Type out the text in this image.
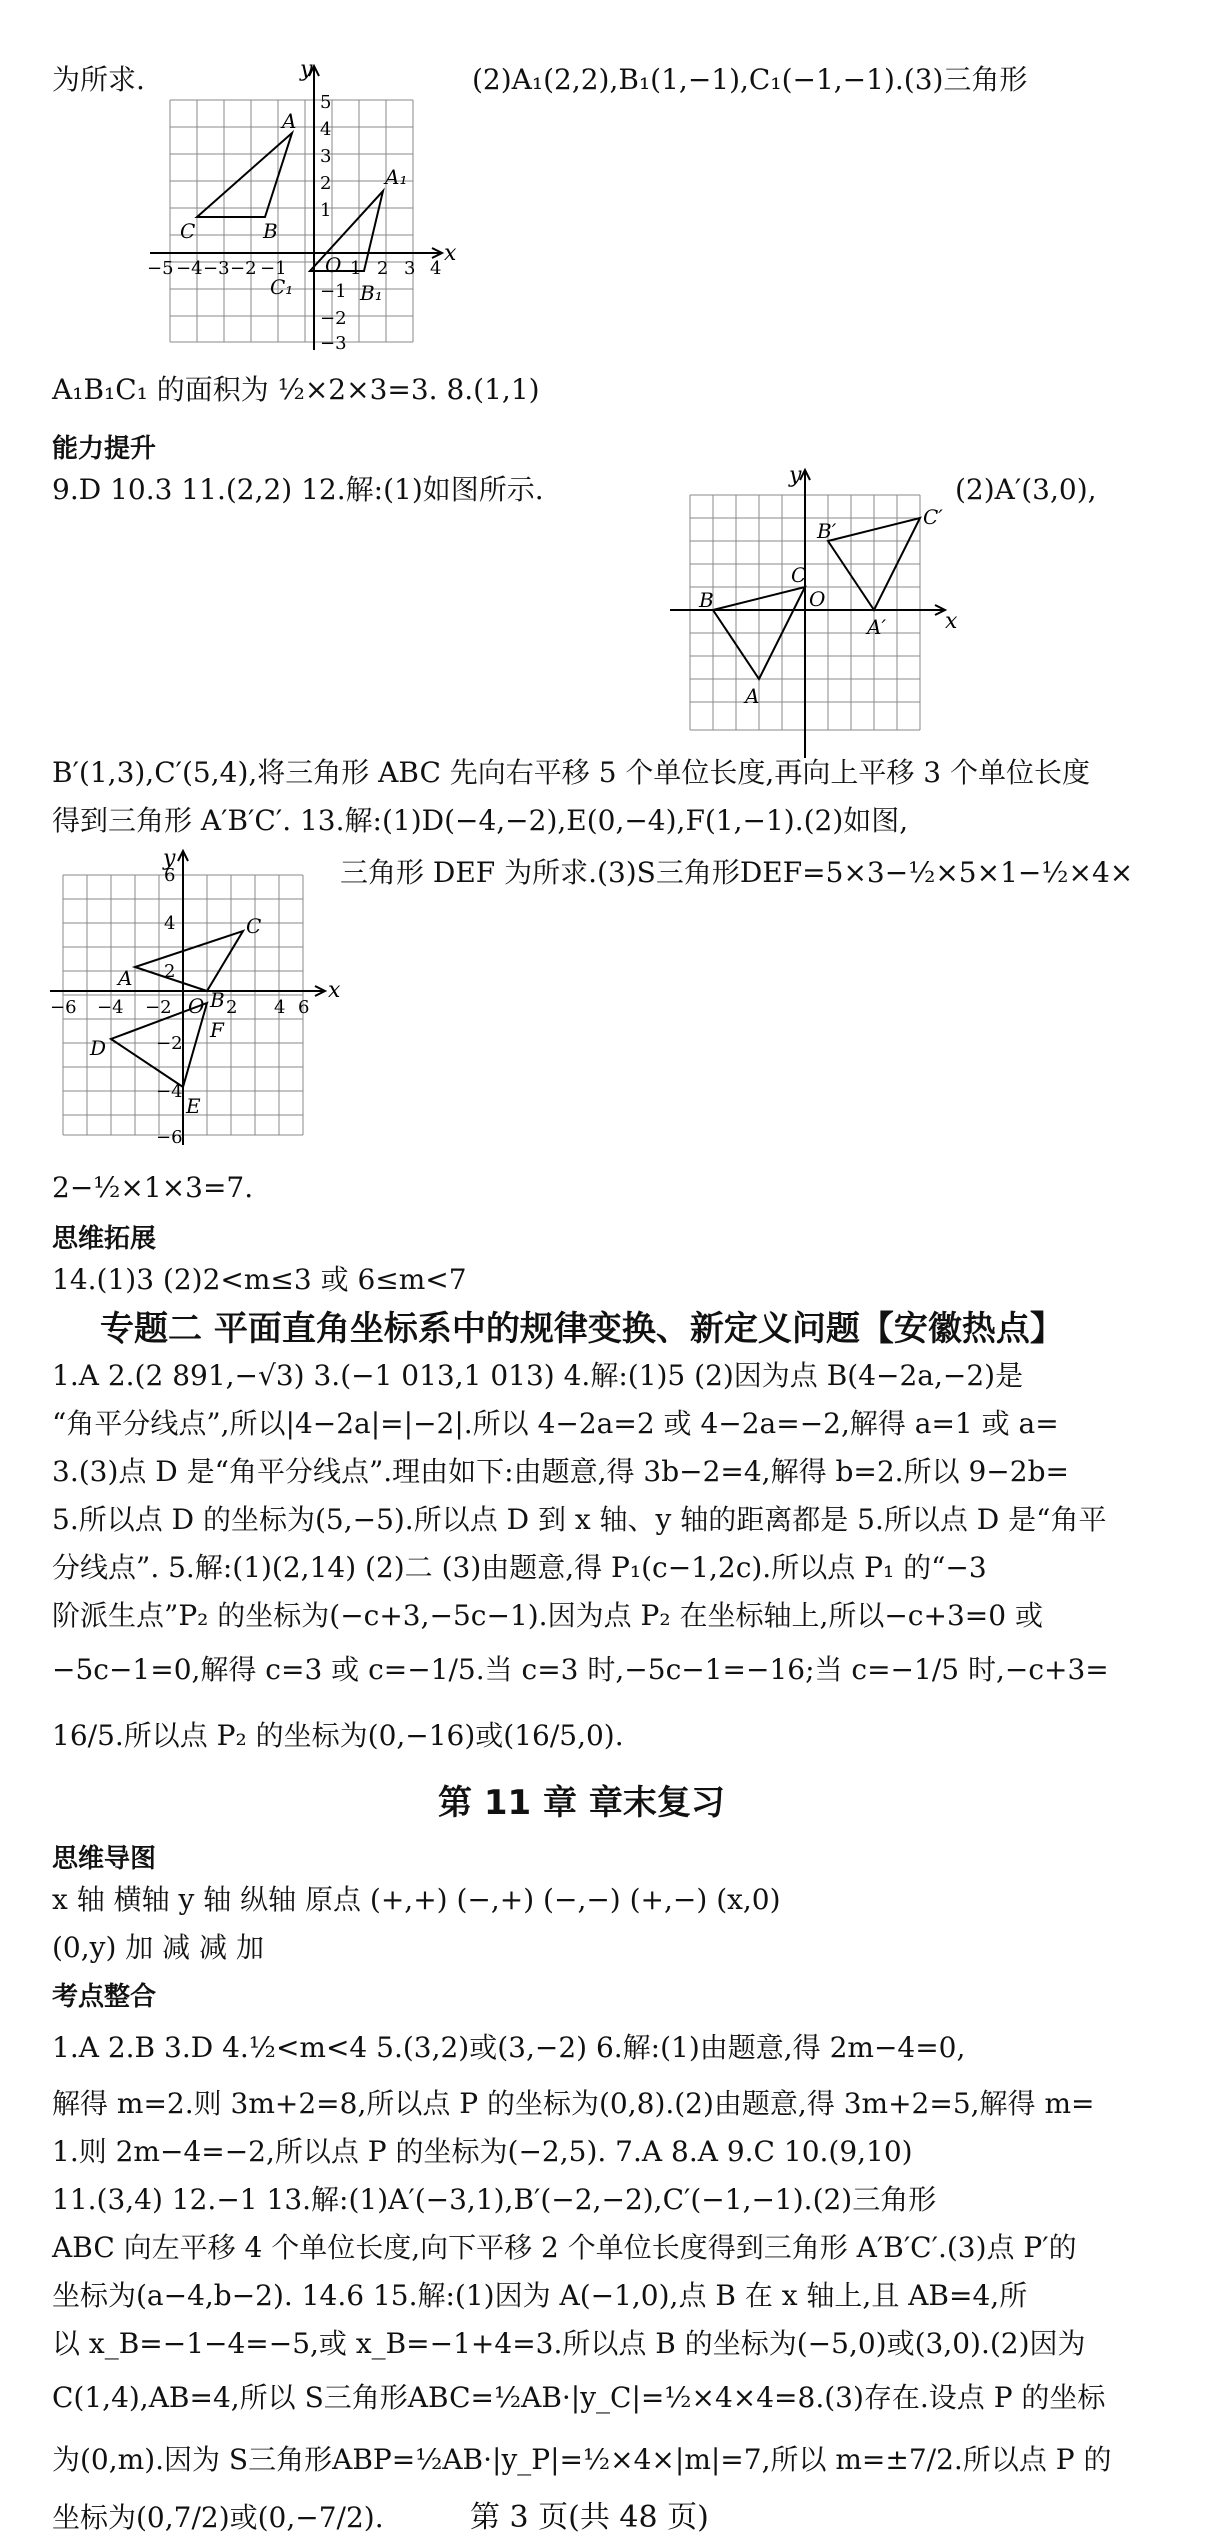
为所求.	(2)A₁(2,2),B₁(1,−1),C₁(−1,−1).(3)三角形
y
x
O
−5 −4 −3 −2 −1	1 2 3 4
5
4
3
2
1
−1
−2
−3
A
B
C
A₁
B₁
C₁
A₁B₁C₁ 的面积为 ½×2×3=3. 8.(1,1)
能力提升
9.D 10.3 11.(2,2) 12.解:(1)如图所示.	(2)A′(3,0),
y
x
O
A
B
C
A′
B′
C′
B′(1,3),C′(5,4),将三角形 ABC 先向右平移 5 个单位长度,再向上平移 3 个单位长度
得到三角形 A′B′C′. 13.解:(1)D(−4,−2),E(0,−4),F(1,−1).(2)如图,
y
x
O
−6 −4 −2	2 4 6
6
4
2
−2
−4
−6
A
B
C
D
E
F
三角形 DEF 为所求.(3)S三角形DEF=5×3−½×5×1−½×4×
2−½×1×3=7.
思维拓展
14.(1)3 (2)2<m≤3 或 6≤m<7
专题二 平面直角坐标系中的规律变换、新定义问题【安徽热点】
1.A 2.(2 891,−√3) 3.(−1 013,1 013) 4.解:(1)5 (2)因为点 B(4−2a,−2)是
“角平分线点”,所以|4−2a|=|−2|.所以 4−2a=2 或 4−2a=−2,解得 a=1 或 a=
3.(3)点 D 是“角平分线点”.理由如下:由题意,得 3b−2=4,解得 b=2.所以 9−2b=
5.所以点 D 的坐标为(5,−5).所以点 D 到 x 轴、y 轴的距离都是 5.所以点 D 是“角平
分线点”. 5.解:(1)(2,14) (2)二 (3)由题意,得 P₁(c−1,2c).所以点 P₁ 的“−3
阶派生点”P₂ 的坐标为(−c+3,−5c−1).因为点 P₂ 在坐标轴上,所以−c+3=0 或
−5c−1=0,解得 c=3 或 c=−1/5.当 c=3 时,−5c−1=−16;当 c=−1/5 时,−c+3=
16/5.所以点 P₂ 的坐标为(0,−16)或(16/5,0).
第 11 章 章末复习
思维导图
x 轴 横轴 y 轴 纵轴 原点 (+,+) (−,+) (−,−) (+,−) (x,0)
(0,y) 加 减 减 加
考点整合
1.A 2.B 3.D 4.½<m<4 5.(3,2)或(3,−2) 6.解:(1)由题意,得 2m−4=0,
解得 m=2.则 3m+2=8,所以点 P 的坐标为(0,8).(2)由题意,得 3m+2=5,解得 m=
1.则 2m−4=−2,所以点 P 的坐标为(−2,5). 7.A 8.A 9.C 10.(9,10)
11.(3,4) 12.−1 13.解:(1)A′(−3,1),B′(−2,−2),C′(−1,−1).(2)三角形
ABC 向左平移 4 个单位长度,向下平移 2 个单位长度得到三角形 A′B′C′.(3)点 P′的
坐标为(a−4,b−2). 14.6 15.解:(1)因为 A(−1,0),点 B 在 x 轴上,且 AB=4,所
以 x_B=−1−4=−5,或 x_B=−1+4=3.所以点 B 的坐标为(−5,0)或(3,0).(2)因为
C(1,4),AB=4,所以 S三角形ABC=½AB·|y_C|=½×4×4=8.(3)存在.设点 P 的坐标
为(0,m).因为 S三角形ABP=½AB·|y_P|=½×4×|m|=7,所以 m=±7/2.所以点 P 的
坐标为(0,7/2)或(0,−7/2).	第 3 页(共 48 页)
